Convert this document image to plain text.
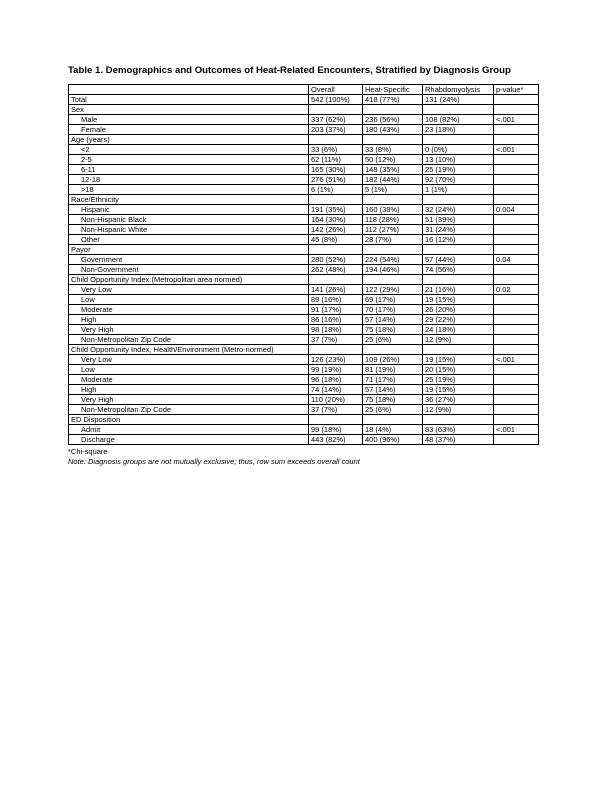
Table 1. Demographics and Outcomes of Heat-Related Encounters, Stratified by Diagnosis Group
	Overall	Heat-Specific	Rhabdomyolysis	p-value*
Total	542 (100%)	418 (77%)	131 (24%)	
Sex				
Male	337 (62%)	236 (56%)	108 (82%)	<.001
Female	203 (37%)	180 (43%)	23 (18%)	
Age (years)				
<2	33 (6%)	33 (8%)	0 (0%)	<.001
2-5	62 (11%)	50 (12%)	13 (10%)	
6-11	165 (30%)	148 (35%)	25 (19%)	
12-18	276 (51%)	182 (44%)	92 (70%)	
>18	6 (1%)	5 (1%)	1 (1%)	
Race/Ethnicity				
Hispanic	191 (35%)	160 (38%)	32 (24%)	0.004
Non-Hispanic Black	164 (30%)	118 (28%)	51 (39%)	
Non-Hispanic White	142 (26%)	112 (27%)	31 (24%)	
Other	45 (8%)	28 (7%)	16 (12%)	
Payor				
Government	280 (52%)	224 (54%)	57 (44%)	0.04
Non-Government	262 (48%)	194 (46%)	74 (56%)	
Child Opportunity Index (Metropolitan area normed)				
Very Low	141 (26%)	122 (29%)	21 (16%)	0.02
Low	89 (16%)	69 (17%)	19 (15%)	
Moderate	91 (17%)	70 (17%)	26 (20%)	
High	86 (16%)	57 (14%)	29 (22%)	
Very High	98 (18%)	75 (18%)	24 (18%)	
Non-Metropolitan Zip Code	37 (7%)	25 (6%)	12 (9%)	
Child Opportunity Index, Health/Environment (Metro-normed)				
Very Low	126 (23%)	109 (26%)	19 (15%)	<.001
Low	99 (19%)	81 (19%)	20 (15%)	
Moderate	96 (18%)	71 (17%)	25 (19%)	
High	74 (14%)	57 (14%)	19 (15%)	
Very High	110 (20%)	75 (18%)	36 (27%)	
Non-Metropolitan Zip Code	37 (7%)	25 (6%)	12 (9%)	
ED Disposition				
Admit	99 (18%)	18 (4%)	83 (63%)	<.001
Discharge	443 (82%)	400 (96%)	48 (37%)	
*Chi-square
Note: Diagnosis groups are not mutually exclusive; thus, row sum exceeds overall count
